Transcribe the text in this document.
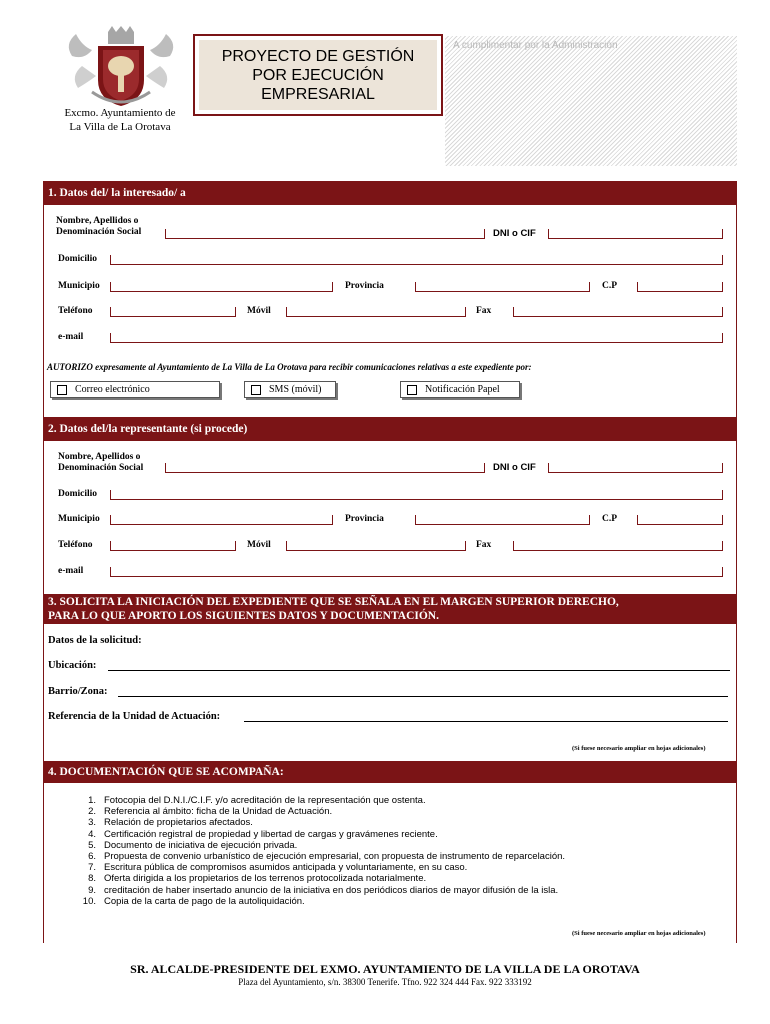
Excmo. Ayuntamiento de
La Villa de La Orotava
PROYECTO DE GESTIÓN
POR EJECUCIÓN
EMPRESARIAL
A cumplimentar por la Administración
1. Datos del/ la interesado/ a
Nombre, Apellidos o
Denominación Social	DNI o CIF
Domicilio
Municipio	Provincia	C.P
Teléfono	Móvil	Fax
e-mail
AUTORIZO expresamente al Ayuntamiento de La Villa de La Orotava para recibir comunicaciones relativas a este expediente por:
Correo electrónico	SMS (móvil)	Notificación Papel
2. Datos del/la representante (si procede)
Nombre, Apellidos o
Denominación Social	DNI o CIF
Domicilio
Municipio	Provincia	C.P
Teléfono	Móvil	Fax
e-mail
3. SOLICITA LA INICIACIÓN DEL EXPEDIENTE QUE SE SEÑALA EN EL MARGEN SUPERIOR DERECHO,
PARA LO QUE APORTO LOS SIGUIENTES DATOS Y DOCUMENTACIÓN.
Datos de la solicitud:
Ubicación:
Barrio/Zona:
Referencia de la Unidad de Actuación:
(Si fuese necesario ampliar en hojas adicionales)
4. DOCUMENTACIÓN QUE SE ACOMPAÑA:
1. Fotocopia del D.N.I./C.I.F. y/o acreditación de la representación que ostenta.
2. Referencia al ámbito: ficha de la Unidad de Actuación.
3. Relación de propietarios afectados.
4. Certificación registral de propiedad y libertad de cargas y gravámenes reciente.
5. Documento de iniciativa de ejecución privada.
6. Propuesta de convenio urbanístico de ejecución empresarial, con propuesta de instrumento de reparcelación.
7. Escritura pública de compromisos asumidos anticipada y voluntariamente, en su caso.
8. Oferta dirigida a los propietarios de los terrenos protocolizada notarialmente.
9. creditación de haber insertado anuncio de la iniciativa en dos periódicos diarios de mayor difusión de la isla.
10. Copia de la carta de pago de la autoliquidación.
(Si fuese necesario ampliar en hojas adicionales)
SR. ALCALDE-PRESIDENTE DEL EXMO. AYUNTAMIENTO DE LA VILLA DE LA OROTAVA
Plaza del Ayuntamiento, s/n. 38300 Tenerife. Tfno. 922 324 444 Fax. 922 333192
